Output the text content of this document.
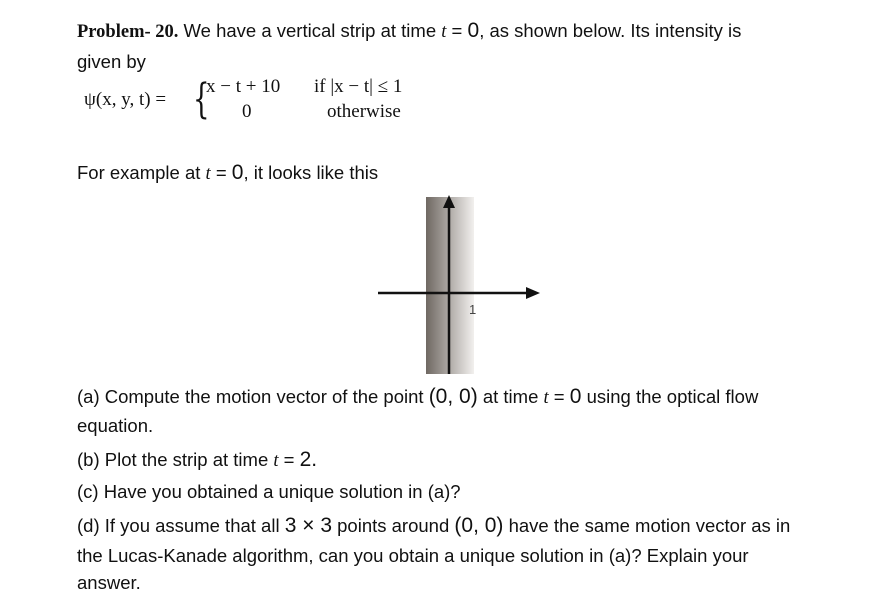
Problem- 20. We have a vertical strip at time t = 0, as shown below. Its intensity is
given by
ψ(x, y, t) = {
x − t + 10 if |x − t| ≤ 1
0	otherwise
For example at t = 0, it looks like this
1
(a) Compute the motion vector of the point (0, 0) at time t = 0 using the optical flow
equation.
(b) Plot the strip at time t = 2.
(c) Have you obtained a unique solution in (a)?
(d) If you assume that all 3 × 3 points around (0, 0) have the same motion vector as in
the Lucas-Kanade algorithm, can you obtain a unique solution in (a)? Explain your
answer.
